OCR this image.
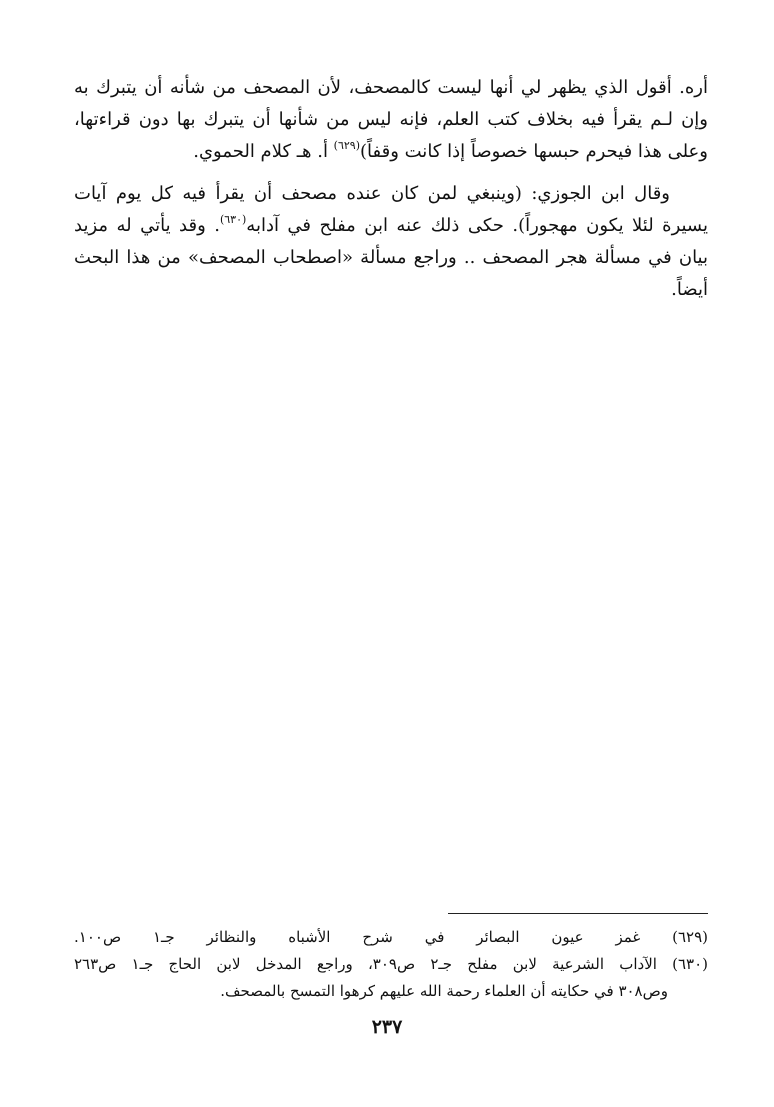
أره. أقول الذي يظهر لي أنها ليست كالمصحف، لأن المصحف من شأنه أن يتبرك به
وإن لـم يقرأ فيه بخلاف كتب العلم، فإنه ليس من شأنها أن يتبرك بها دون قراءتها،
وعلى هذا فيحرم حبسها خصوصاً إذا كانت وقفاً)$^{(٦٢٩)}$ أ. هـ كلام الحموي.

وقال ابن الجوزي: (وينبغي لمن كان عنده مصحف أن يقرأ فيه كل يوم آيات
يسيرة لئلا يكون مهجوراً). حكى ذلك عنه ابن مفلح في آدابه$^{(٦٣٠)}$. وقد يأتي له مزيد
بيان في مسألة هجر المصحف .. وراجع مسألة «اصطحاب المصحف» من هذا البحث
أيضاً.

(٦٢٩) غمز عيون البصائر في شرح الأشباه والنظائر جـ١ ص١٠٠.

(٦٣٠) الآداب الشرعية لابن مفلح جـ٢ ص٣٠٩، وراجع المدخل لابن الحاج جـ١ ص٢٦٣
وص٣٠٨ في حكايته أن العلماء رحمة الله عليهم كرهوا التمسح بالمصحف.

٢٣٧
